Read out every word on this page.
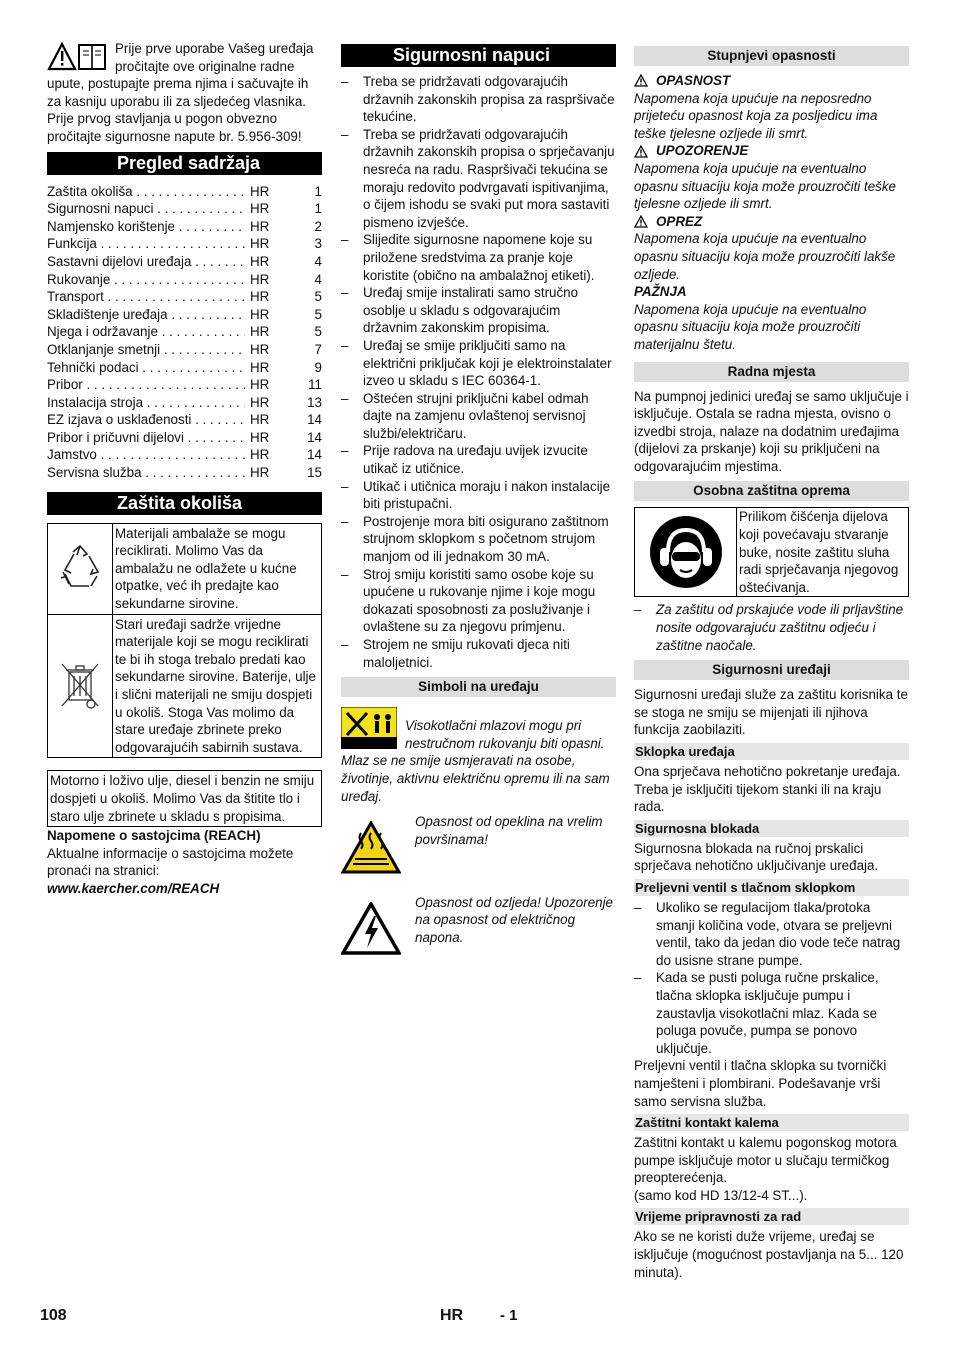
Prije prve uporabe Vašeg uređaja pročitajte ove originalne radne upute, postupajte prema njima i sačuvajte ih za kasniju uporabu ili za sljedećeg vlasnika.

Prije prvog stavljanja u pogon obvezno pročitajte sigurnosne napute br. 5.956-309!

Pregled sadržaja
Zaštita okoliša . . .	HR	1
Sigurnosni napuci . . .	HR	1
Namjensko korištenje . . .	HR	2
Funkcija . . .	HR	3
Sastavni dijelovi uređaja . . .	HR	4
Rukovanje . . .	HR	4
Transport . . .	HR	5
Skladištenje uređaja . . .	HR	5
Njega i održavanje . . .	HR	5
Otklanjanje smetnji . . .	HR	7
Tehnički podaci . . .	HR	9
Pribor . . .	HR	11
Instalacija stroja . . .	HR	13
EZ izjava o usklađenosti . . .	HR	14
Pribor i pričuvni dijelovi . . .	HR	14
Jamstvo . . .	HR	14
Servisna služba . . .	HR	15
Zaštita okoliša
Materijali ambalaže se mogu reciklirati. Molimo Vas da ambalažu ne odlažete u kućne otpatke, već ih predajte kao sekundarne sirovine.
Stari uređaji sadrže vrijedne materijale koji se mogu reciklirati te bi ih stoga trebalo predati kao sekundarne sirovine. Baterije, ulje i slični materijali ne smiju dospjeti u okoliš. Stoga Vas molimo da stare uređaje zbrinete preko odgovarajućih sabirnih sustava.
Motorno i loživo ulje, diesel i benzin ne smiju dospjeti u okoliš. Molimo Vas da štitite tlo i staro ulje zbrinete u skladu s propisima.

Napomene o sastojcima (REACH)

Aktualne informacije o sastojcima možete pronaći na stranici:

www.kaercher.com/REACH

Sigurnosni napuci
–	Treba se pridržavati odgovarajućih državnih zakonskih propisa za raspršivače tekućine.
–	Treba se pridržavati odgovarajućih državnih zakonskih propisa o sprječavanju nesreća na radu. Raspršivači tekućina se moraju redovito podvrgavati ispitivanjima, o čijem ishodu se svaki put mora sastaviti pismeno izvješće.
–	Slijedite sigurnosne napomene koje su priložene sredstvima za pranje koje koristite (obično na ambalažnoj etiketi).
–	Uređaj smije instalirati samo stručno osoblje u skladu s odgovarajućim državnim zakonskim propisima.
–	Uređaj se smije priključiti samo na električni priključak koji je elektroinstalater izveo u skladu s IEC 60364-1.
–	Oštećen strujni priključni kabel odmah dajte na zamjenu ovlaštenoj servisnoj službi/električaru.
–	Prije radova na uređaju uvijek izvucite utikač iz utičnice.
–	Utikač i utičnica moraju i nakon instalacije biti pristupačni.
–	Postrojenje mora biti osigurano zaštitnom strujnom sklopkom s početnom strujom manjom od ili jednakom 30 mA.
–	Stroj smiju koristiti samo osobe koje su upućene u rukovanje njime i koje mogu dokazati sposobnosti za posluživanje i ovlaštene su za njegovu primjenu.
–	Strojem ne smiju rukovati djeca niti maloljetnici.
Simboli na uređaju

Visokotlačni mlazovi mogu pri nestručnom rukovanju biti opasni. Mlaz se ne smije usmjeravati na osobe, životinje, aktivnu električnu opremu ili na sam uređaj.

Opasnost od opeklina na vrelim površinama!

Opasnost od ozljeda! Upozorenje na opasnost od električnog napona.

Stupnjevi opasnosti
OPASNOST

Napomena koja upućuje na neposredno prijeteću opasnost koja za posljedicu ima teške tjelesne ozljede ili smrt.

UPOZORENJE

Napomena koja upućuje na eventualno opasnu situaciju koja može prouzročiti teške tjelesne ozljede ili smrt.

OPREZ

Napomena koja upućuje na eventualno opasnu situaciju koja može prouzročiti lakše ozljede.

PAŽNJA

Napomena koja upućuje na eventualno opasnu situaciju koja može prouzročiti materijalnu štetu.

Radna mjesta

Na pumpnoj jedinici uređaj se samo uključuje i isključuje. Ostala se radna mjesta, ovisno o izvedbi stroja, nalaze na dodatnim uređajima (dijelovi za prskanje) koji su priključeni na odgovarajućim mjestima.

Osobna zaštitna oprema
Prilikom čišćenja dijelova koji povećavaju stvaranje buke, nosite zaštitu sluha radi sprječavanja njegovog oštećivanja.
–	Za zaštitu od prskajuće vode ili prljavštine nosite odgovarajuću zaštitnu odjeću i zaštitne naočale.
Sigurnosni uređaji

Sigurnosni uređaji služe za zaštitu korisnika te se stoga ne smiju se mijenjati ili njihova funkcija zaobilaziti.

Sklopka uređaja

Ona sprječava nehotično pokretanje uređaja. Treba je isključiti tijekom stanki ili na kraju rada.

Sigurnosna blokada

Sigurnosna blokada na ručnoj prskalici sprječava nehotično uključivanje uređaja.

Preljevni ventil s tlačnom sklopkom
–	Ukoliko se regulacijom tlaka/protoka smanji količina vode, otvara se preljevni ventil, tako da jedan dio vode teče natrag do usisne strane pumpe.
–	Kada se pusti poluga ručne prskalice, tlačna sklopka isključuje pumpu i zaustavlja visokotlačni mlaz. Kada se poluga povuče, pumpa se ponovo uključuje.

Preljevni ventil i tlačna sklopka su tvornički namješteni i plombirani. Podešavanje vrši samo servisna služba.

Zaštitni kontakt kalema

Zaštitni kontakt u kalemu pogonskog motora pumpe isključuje motor u slučaju termičkog preopterećenja.

(samo kod HD 13/12-4 ST...).

Vrijeme pripravnosti za rad

Ako se ne koristi duže vrijeme, uređaj se isključuje (mogućnost postavljanja na 5... 120 minuta).

108	HR - 1
